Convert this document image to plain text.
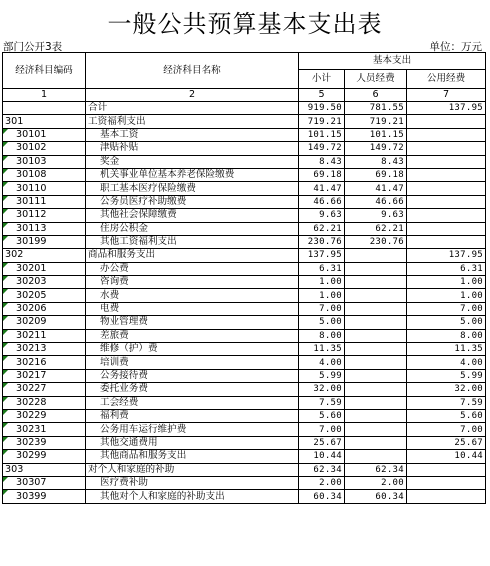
一般公共预算基本支出表
部门公开3表	单位：万元
经济科目编码	经济科目名称	基本支出		
		小计	人员经费	公用经费
1	2	5	6	7
	合计	919.50	781.55	137.95
301	工资福利支出	719.21	719.21	
30101	基本工资	101.15	101.15	
30102	津贴补贴	149.72	149.72	
30103	奖金	8.43	8.43	
30108	机关事业单位基本养老保险缴费	69.18	69.18	
30110	职工基本医疗保险缴费	41.47	41.47	
30111	公务员医疗补助缴费	46.66	46.66	
30112	其他社会保障缴费	9.63	9.63	
30113	住房公积金	62.21	62.21	
30199	其他工资福利支出	230.76	230.76	
302	商品和服务支出	137.95		137.95
30201	办公费	6.31		6.31
30203	咨询费	1.00		1.00
30205	水费	1.00		1.00
30206	电费	7.00		7.00
30209	物业管理费	5.00		5.00
30211	差旅费	8.00		8.00
30213	维修（护）费	11.35		11.35
30216	培训费	4.00		4.00
30217	公务接待费	5.99		5.99
30227	委托业务费	32.00		32.00
30228	工会经费	7.59		7.59
30229	福利费	5.60		5.60
30231	公务用车运行维护费	7.00		7.00
30239	其他交通费用	25.67		25.67
30299	其他商品和服务支出	10.44		10.44
303	对个人和家庭的补助	62.34	62.34	
30307	医疗费补助	2.00	2.00	
30399	其他对个人和家庭的补助支出	60.34	60.34	
